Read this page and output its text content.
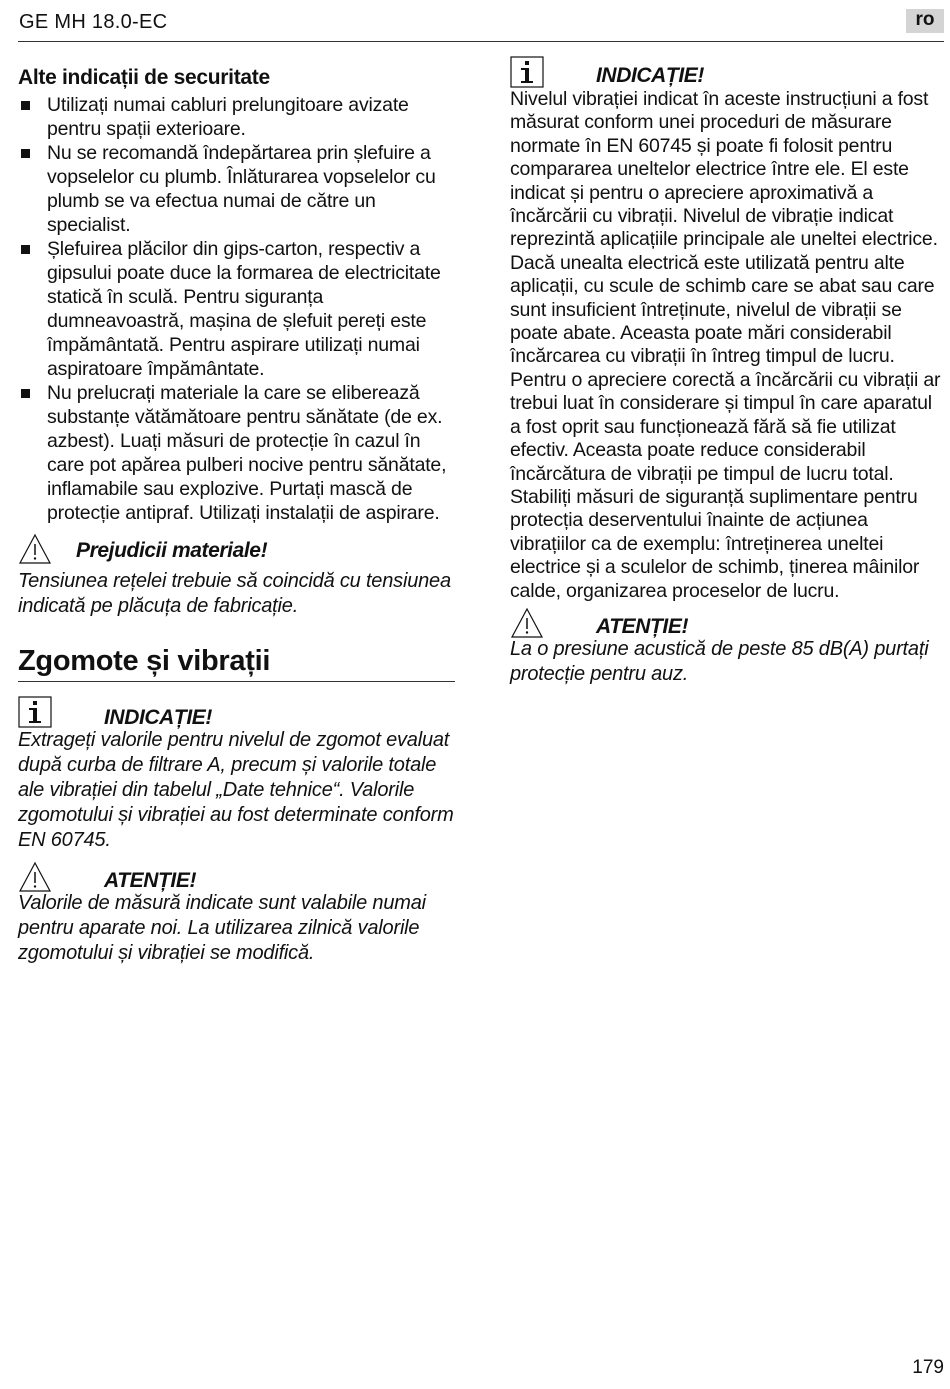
GE MH 18.0-EC	ro
Alte indicații de securitate
Utilizați numai cabluri prelungitoare avizate pentru spații exterioare.
Nu se recomandă îndepărtarea prin șlefuire a vopselelor cu plumb. Înlăturarea vopselelor cu plumb se va efectua numai de către un specialist.
Șlefuirea plăcilor din gips-carton, respectiv a gipsului poate duce la formarea de electricitate statică în sculă. Pentru siguranța dumneavoastră, mașina de șlefuit pereți este împământată. Pentru aspirare utilizați numai aspiratoare împământate.
Nu prelucrați materiale la care se eliberează substanțe vătămătoare pentru sănătate (de ex. azbest). Luați măsuri de protecție în cazul în care pot apărea pulberi nocive pentru sănătate, inflamabile sau explozive. Purtați mască de protecție antipraf. Utilizați instalații de aspirare.
Prejudicii materiale!

Tensiunea rețelei trebuie să coincidă cu tensiunea indicată pe plăcuța de fabricație.

Zgomote și vibrații
INDICAȚIE!

Extrageți valorile pentru nivelul de zgomot evaluat după curba de filtrare A, precum și valorile totale ale vibrației din tabelul „Date tehnice“. Valorile zgomotului și vibrației au fost determinate conform EN 60745.

ATENȚIE!

Valorile de măsură indicate sunt valabile numai pentru aparate noi. La utilizarea zilnică valorile zgomotului și vibrației se modifică.

INDICAȚIE!

Nivelul vibrației indicat în aceste instrucțiuni a fost măsurat conform unei proceduri de măsurare normate în EN 60745 și poate fi folosit pentru compararea uneltelor electrice între ele. El este indicat și pentru o apreciere aproximativă a încărcării cu vibrații. Nivelul de vibrație indicat reprezintă aplicațiile principale ale uneltei electrice.

Dacă unealta electrică este utilizată pentru alte aplicații, cu scule de schimb care se abat sau care sunt insuficient întreținute, nivelul de vibrații se poate abate. Aceasta poate mări considerabil încărcarea cu vibrații în întreg timpul de lucru.

Pentru o apreciere corectă a încărcării cu vibrații ar trebui luat în considerare și timpul în care aparatul a fost oprit sau funcționează fără să fie utilizat efectiv. Aceasta poate reduce considerabil încărcătura de vibrații pe timpul de lucru total.

Stabiliți măsuri de siguranță suplimentare pentru protecția deserventului înainte de acțiunea vibrațiilor ca de exemplu: întreținerea uneltei electrice și a sculelor de schimb, ținerea mâinilor calde, organizarea proceselor de lucru.

ATENȚIE!

La o presiune acustică de peste 85 dB(A) purtați protecție pentru auz.

179
